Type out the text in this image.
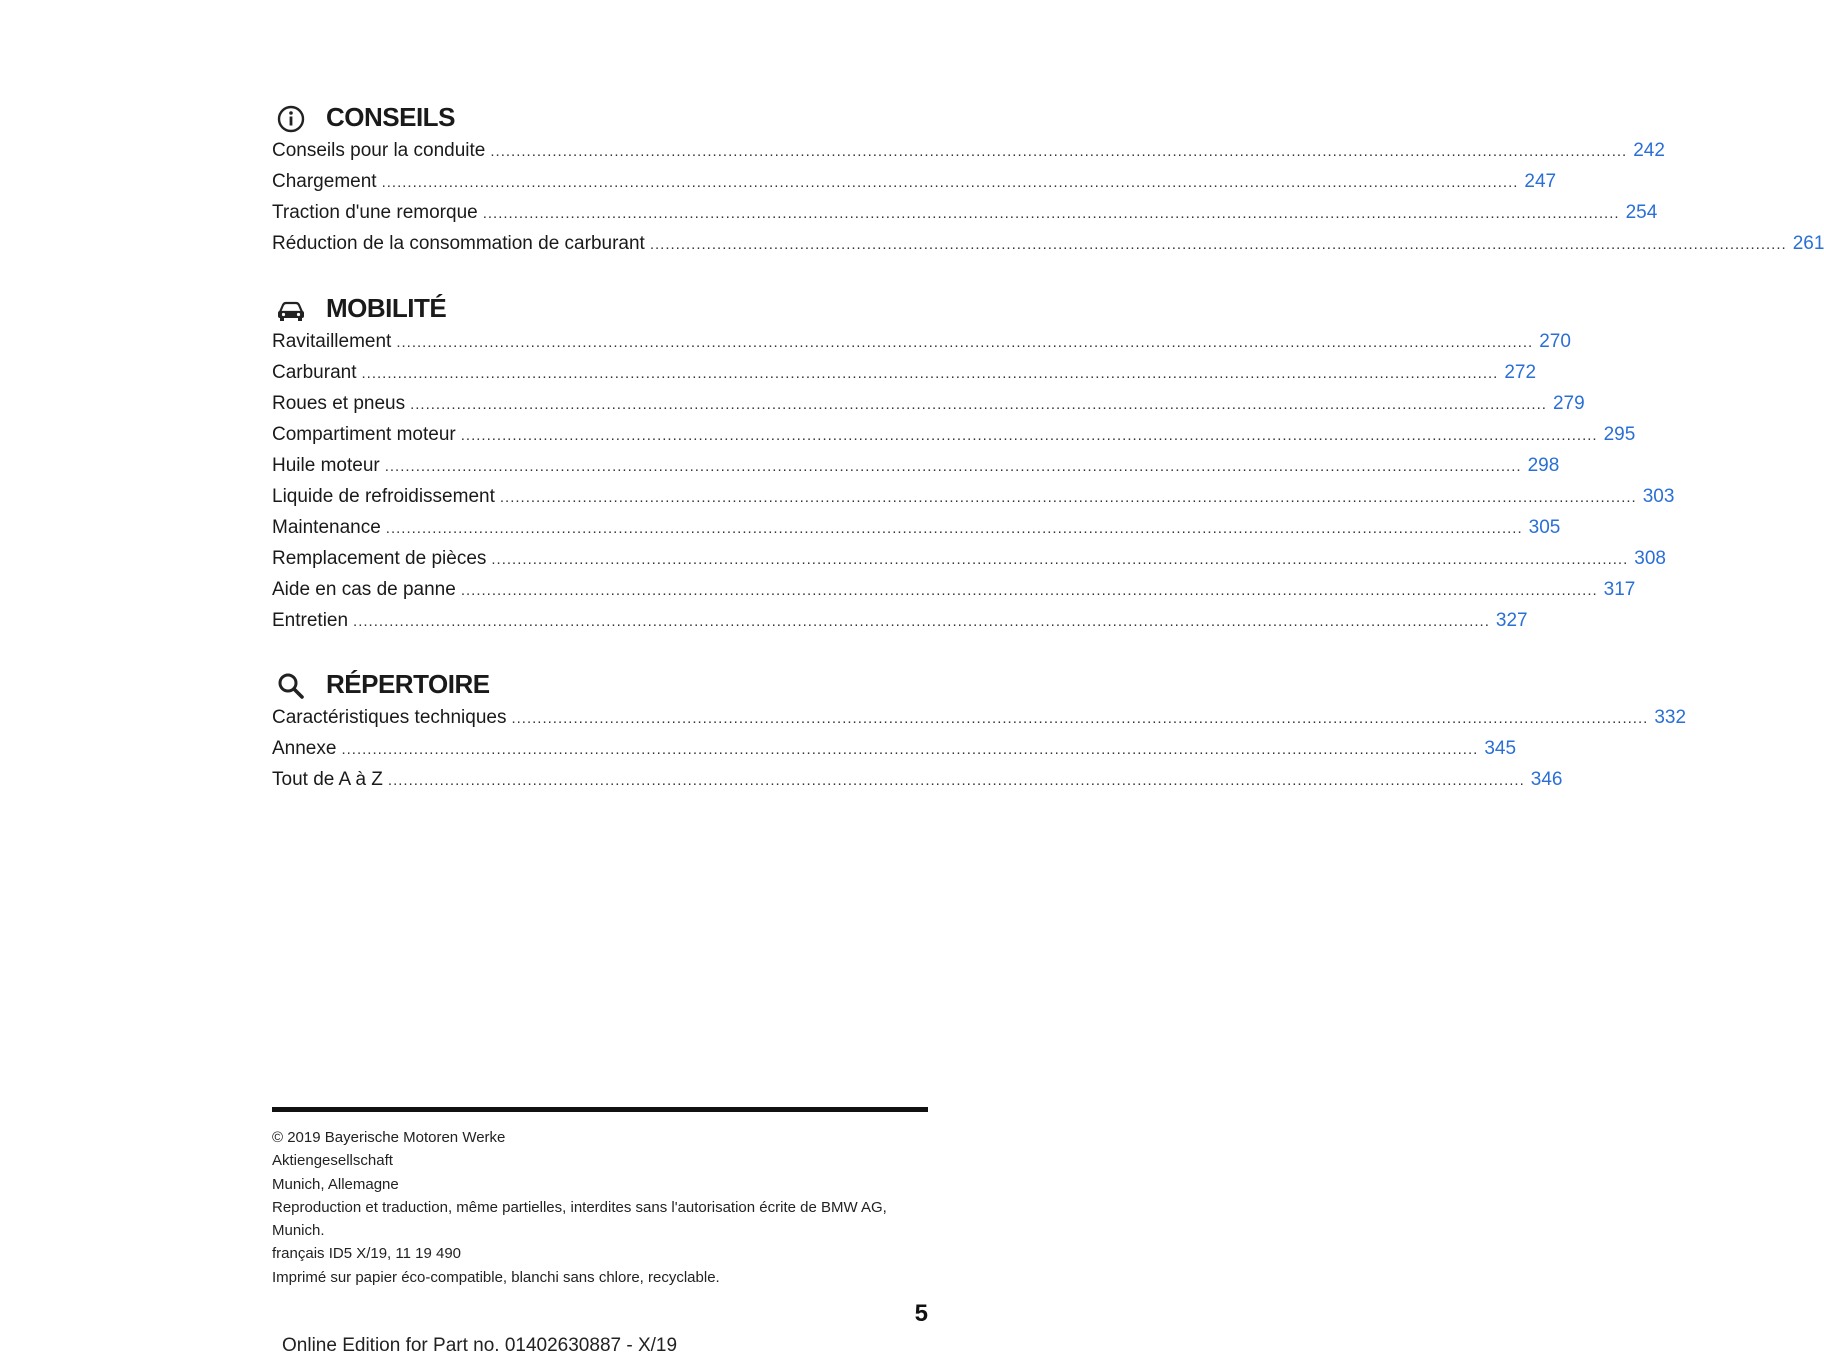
CONSEILS
Conseils pour la conduite ............................................................................................................................................................................................................................ 242
Chargement ............................................................................................................................................................................................................................ 247
Traction d'une remorque ............................................................................................................................................................................................................................ 254
Réduction de la consommation de carburant ............................................................................................................................................................................................................................ 261
MOBILITÉ
Ravitaillement ............................................................................................................................................................................................................................ 270
Carburant ............................................................................................................................................................................................................................ 272
Roues et pneus ............................................................................................................................................................................................................................ 279
Compartiment moteur ............................................................................................................................................................................................................................ 295
Huile moteur ............................................................................................................................................................................................................................ 298
Liquide de refroidissement ............................................................................................................................................................................................................................ 303
Maintenance ............................................................................................................................................................................................................................ 305
Remplacement de pièces ............................................................................................................................................................................................................................ 308
Aide en cas de panne ............................................................................................................................................................................................................................ 317
Entretien ............................................................................................................................................................................................................................ 327
RÉPERTOIRE
Caractéristiques techniques ............................................................................................................................................................................................................................ 332
Annexe ............................................................................................................................................................................................................................ 345
Tout de A à Z ............................................................................................................................................................................................................................ 346
© 2019 Bayerische Motoren Werke
Aktiengesellschaft
Munich, Allemagne
Reproduction et traduction, même partielles, interdites sans l'autorisation écrite de BMW AG,
Munich.
français ID5 X/19, 11 19 490
Imprimé sur papier éco-compatible, blanchi sans chlore, recyclable.
5
Online Edition for Part no. 01402630887 - X/19
